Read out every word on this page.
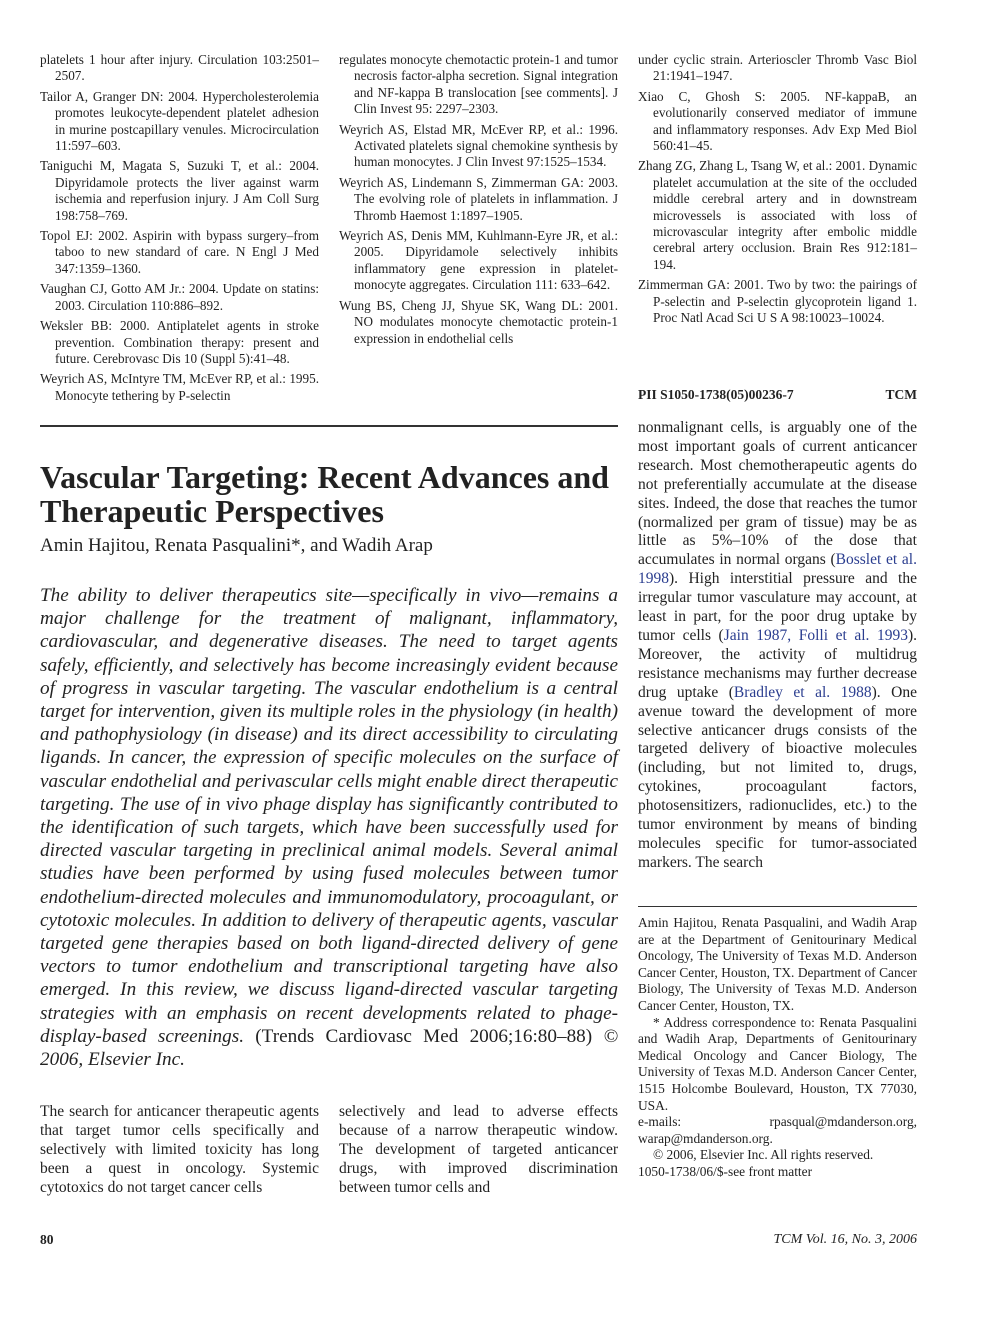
platelets 1 hour after injury. Circulation 103:2501–2507.

Tailor A, Granger DN: 2004. Hypercholesterolemia promotes leukocyte-dependent platelet adhesion in murine postcapillary venules. Microcirculation 11:597–603.

Taniguchi M, Magata S, Suzuki T, et al.: 2004. Dipyridamole protects the liver against warm ischemia and reperfusion injury. J Am Coll Surg 198:758–769.

Topol EJ: 2002. Aspirin with bypass surgery–from taboo to new standard of care. N Engl J Med 347:1359–1360.

Vaughan CJ, Gotto AM Jr.: 2004. Update on statins: 2003. Circulation 110:886–892.

Weksler BB: 2000. Antiplatelet agents in stroke prevention. Combination therapy: present and future. Cerebrovasc Dis 10 (Suppl 5):41–48.

Weyrich AS, McIntyre TM, McEver RP, et al.: 1995. Monocyte tethering by P-selectin

regulates monocyte chemotactic protein-1 and tumor necrosis factor-alpha secretion. Signal integration and NF-kappa B translocation [see comments]. J Clin Invest 95: 2297–2303.

Weyrich AS, Elstad MR, McEver RP, et al.: 1996. Activated platelets signal chemokine synthesis by human monocytes. J Clin Invest 97:1525–1534.

Weyrich AS, Lindemann S, Zimmerman GA: 2003. The evolving role of platelets in inflammation. J Thromb Haemost 1:1897–1905.

Weyrich AS, Denis MM, Kuhlmann-Eyre JR, et al.: 2005. Dipyridamole selectively inhibits inflammatory gene expression in platelet-monocyte aggregates. Circulation 111: 633–642.

Wung BS, Cheng JJ, Shyue SK, Wang DL: 2001. NO modulates monocyte chemotactic protein-1 expression in endothelial cells

under cyclic strain. Arterioscler Thromb Vasc Biol 21:1941–1947.

Xiao C, Ghosh S: 2005. NF-kappaB, an evolutionarily conserved mediator of immune and inflammatory responses. Adv Exp Med Biol 560:41–45.

Zhang ZG, Zhang L, Tsang W, et al.: 2001. Dynamic platelet accumulation at the site of the occluded middle cerebral artery and in downstream microvessels is associated with loss of microvascular integrity after embolic middle cerebral artery occlusion. Brain Res 912:181–194.

Zimmerman GA: 2001. Two by two: the pairings of P-selectin and P-selectin glycoprotein ligand 1. Proc Natl Acad Sci U S A 98:10023–10024.

PII S1050-1738(05)00236-7	TCM
Vascular Targeting: Recent Advances and Therapeutic Perspectives
Amin Hajitou, Renata Pasqualini*, and Wadih Arap

The ability to deliver therapeutics site—specifically in vivo—remains a major challenge for the treatment of malignant, inflammatory, cardiovascular, and degenerative diseases. The need to target agents safely, efficiently, and selectively has become increasingly evident because of progress in vascular targeting. The vascular endothelium is a central target for intervention, given its multiple roles in the physiology (in health) and pathophysiology (in disease) and its direct accessibility to circulating ligands. In cancer, the expression of specific molecules on the surface of vascular endothelial and perivascular cells might enable direct therapeutic targeting. The use of in vivo phage display has significantly contributed to the identification of such targets, which have been successfully used for directed vascular targeting in preclinical animal models. Several animal studies have been performed by using fused molecules between tumor endothelium-directed molecules and immunomodulatory, procoagulant, or cytotoxic molecules. In addition to delivery of therapeutic agents, vascular targeted gene therapies based on both ligand-directed delivery of gene vectors to tumor endothelium and transcriptional targeting have also emerged. In this review, we discuss ligand-directed vascular targeting strategies with an emphasis on recent developments related to phage-display-based screenings. (Trends Cardiovasc Med 2006;16:80–88) © 2006, Elsevier Inc.

The search for anticancer therapeutic agents that target tumor cells specifically and selectively with limited toxicity has long been a quest in oncology. Systemic cytotoxics do not target cancer cells

selectively and lead to adverse effects because of a narrow therapeutic window. The development of targeted anticancer drugs, with improved discrimination between tumor cells and

nonmalignant cells, is arguably one of the most important goals of current anticancer research. Most chemotherapeutic agents do not preferentially accumulate at the disease sites. Indeed, the dose that reaches the tumor (normalized per gram of tissue) may be as little as 5%–10% of the dose that accumulates in normal organs (Bosslet et al. 1998). High interstitial pressure and the irregular tumor vasculature may account, at least in part, for the poor drug uptake by tumor cells (Jain 1987, Folli et al. 1993). Moreover, the activity of multidrug resistance mechanisms may further decrease drug uptake (Bradley et al. 1988). One avenue toward the development of more selective anticancer drugs consists of the targeted delivery of bioactive molecules (including, but not limited to, drugs, cytokines, procoagulant factors, photosensitizers, radionuclides, etc.) to the tumor environment by means of binding molecules specific for tumor-associated markers. The search

Amin Hajitou, Renata Pasqualini, and Wadih Arap are at the Department of Genitourinary Medical Oncology, The University of Texas M.D. Anderson Cancer Center, Houston, TX. Department of Cancer Biology, The University of Texas M.D. Anderson Cancer Center, Houston, TX.

* Address correspondence to: Renata Pasqualini and Wadih Arap, Departments of Genitourinary Medical Oncology and Cancer Biology, The University of Texas M.D. Anderson Cancer Center, 1515 Holcombe Boulevard, Houston, TX 77030, USA.

e-mails: rpasqual@mdanderson.org, warap@mdanderson.org.

© 2006, Elsevier Inc. All rights reserved.

1050-1738/06/$-see front matter

80	TCM Vol. 16, No. 3, 2006
